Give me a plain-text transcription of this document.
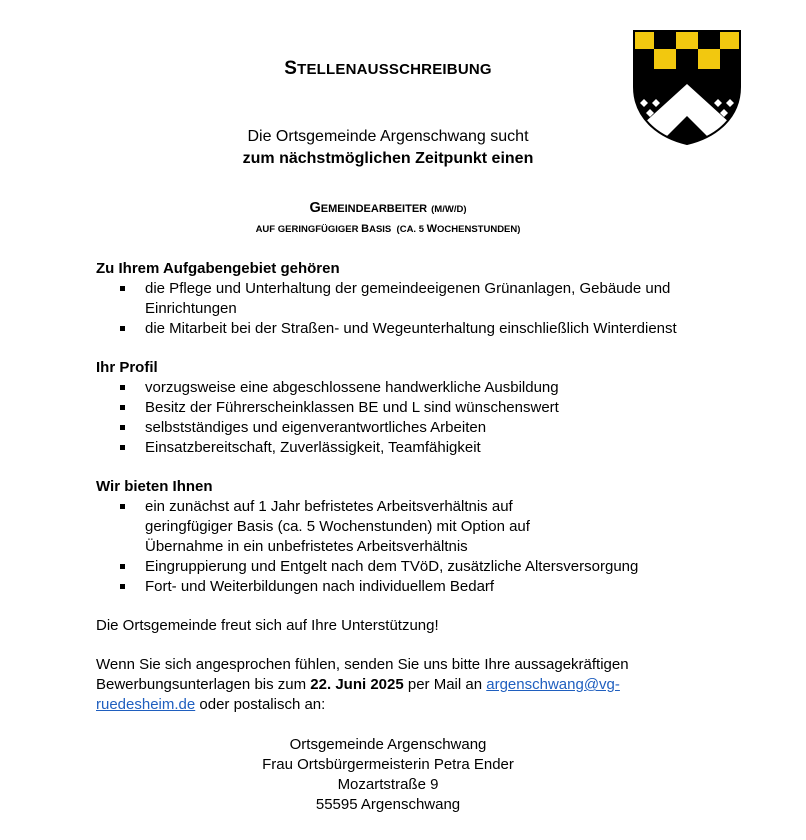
STELLENAUSSCHREIBUNG
Die Ortsgemeinde Argenschwang sucht
zum nächstmöglichen Zeitpunkt einen
GEMEINDEARBEITER (M/W/D)
AUF GERINGFÜGIGER BASIS  (CA. 5 WOCHENSTUNDEN)
Zu Ihrem Aufgabengebiet gehören
die Pflege und Unterhaltung der gemeindeeigenen Grünanlagen, Gebäude und Einrichtungen
die Mitarbeit bei der Straßen- und Wegeunterhaltung einschließlich Winterdienst
Ihr Profil
vorzugsweise eine abgeschlossene handwerkliche Ausbildung
Besitz der Führerscheinklassen BE und L sind wünschenswert
selbstständiges und eigenverantwortliches Arbeiten
Einsatzbereitschaft, Zuverlässigkeit, Teamfähigkeit
Wir bieten Ihnen
ein zunächst auf 1 Jahr befristetes Arbeitsverhältnis auf geringfügiger Basis (ca. 5 Wochenstunden) mit Option auf Übernahme in ein unbefristetes Arbeitsverhältnis
Eingruppierung und Entgelt nach dem TVöD, zusätzliche Altersversorgung
Fort- und Weiterbildungen nach individuellem Bedarf
Die Ortsgemeinde freut sich auf Ihre Unterstützung!
Wenn Sie sich angesprochen fühlen, senden Sie uns bitte Ihre aussagekräftigen Bewerbungsunterlagen bis zum 22. Juni 2025 per Mail an argenschwang@vg-ruedesheim.de oder postalisch an:
Ortsgemeinde Argenschwang
Frau Ortsbürgermeisterin Petra Ender
Mozartstraße 9
55595 Argenschwang
